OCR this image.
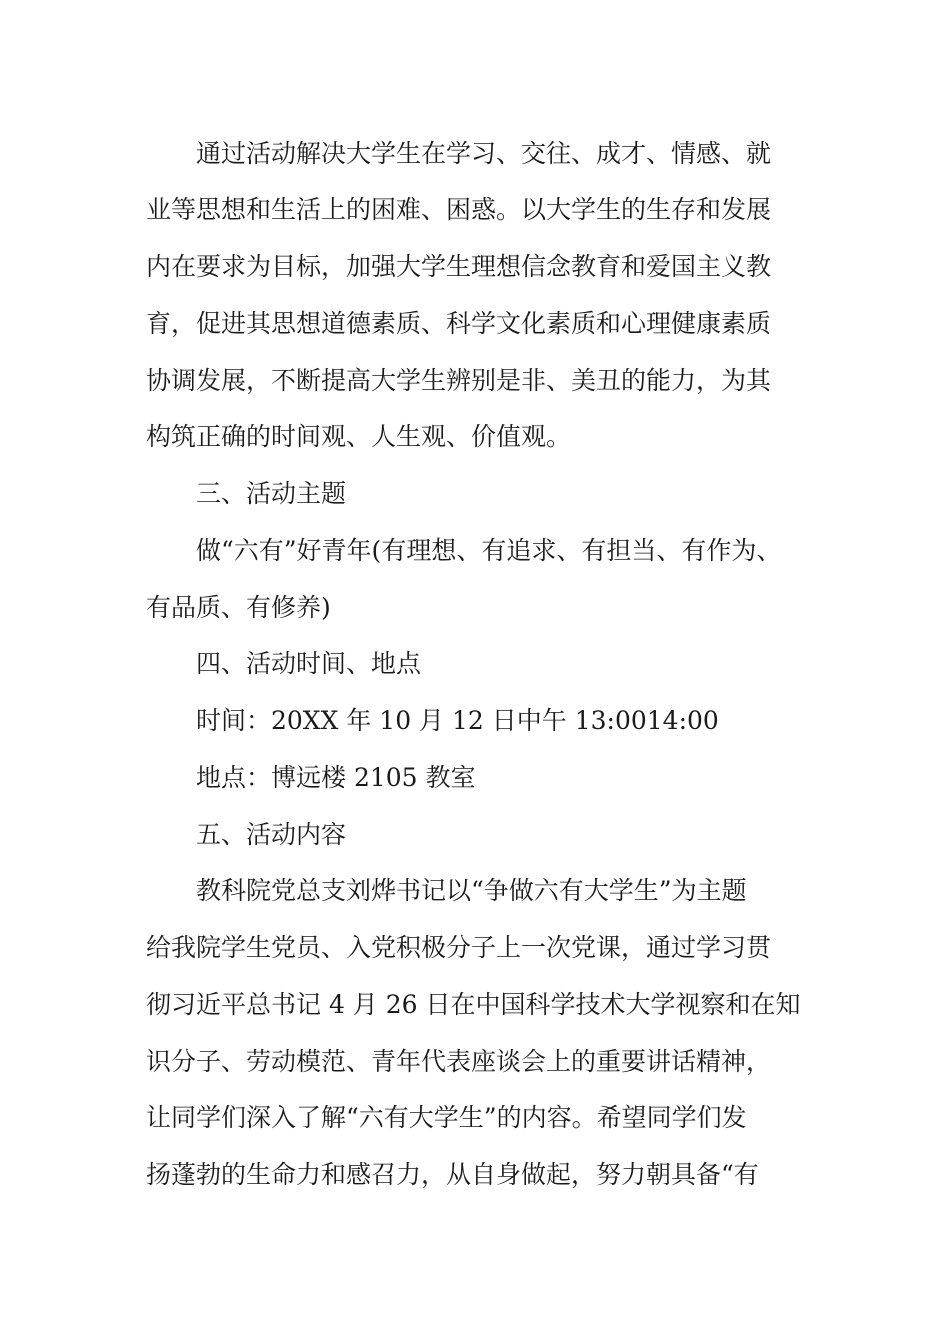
通过活动解决大学生在学习、交往、成才、情感、就
业等思想和生活上的困难、困惑。以大学生的生存和发展
内在要求为目标，加强大学生理想信念教育和爱国主义教
育，促进其思想道德素质、科学文化素质和心理健康素质
协调发展，不断提高大学生辨别是非、美丑的能力，为其
构筑正确的时间观、人生观、价值观。
三、活动主题
做“六有”好青年(有理想、有追求、有担当、有作为、
有品质、有修养)
四、活动时间、地点
时间：20XX 年 10 月 12 日中午 13:0014:00
地点：博远楼 2105 教室
五、活动内容
教科院党总支刘烨书记以“争做六有大学生”为主题
给我院学生党员、入党积极分子上一次党课，通过学习贯
彻习近平总书记 4 月 26 日在中国科学技术大学视察和在知
识分子、劳动模范、青年代表座谈会上的重要讲话精神，
让同学们深入了解“六有大学生”的内容。希望同学们发
扬蓬勃的生命力和感召力，从自身做起，努力朝具备“有
